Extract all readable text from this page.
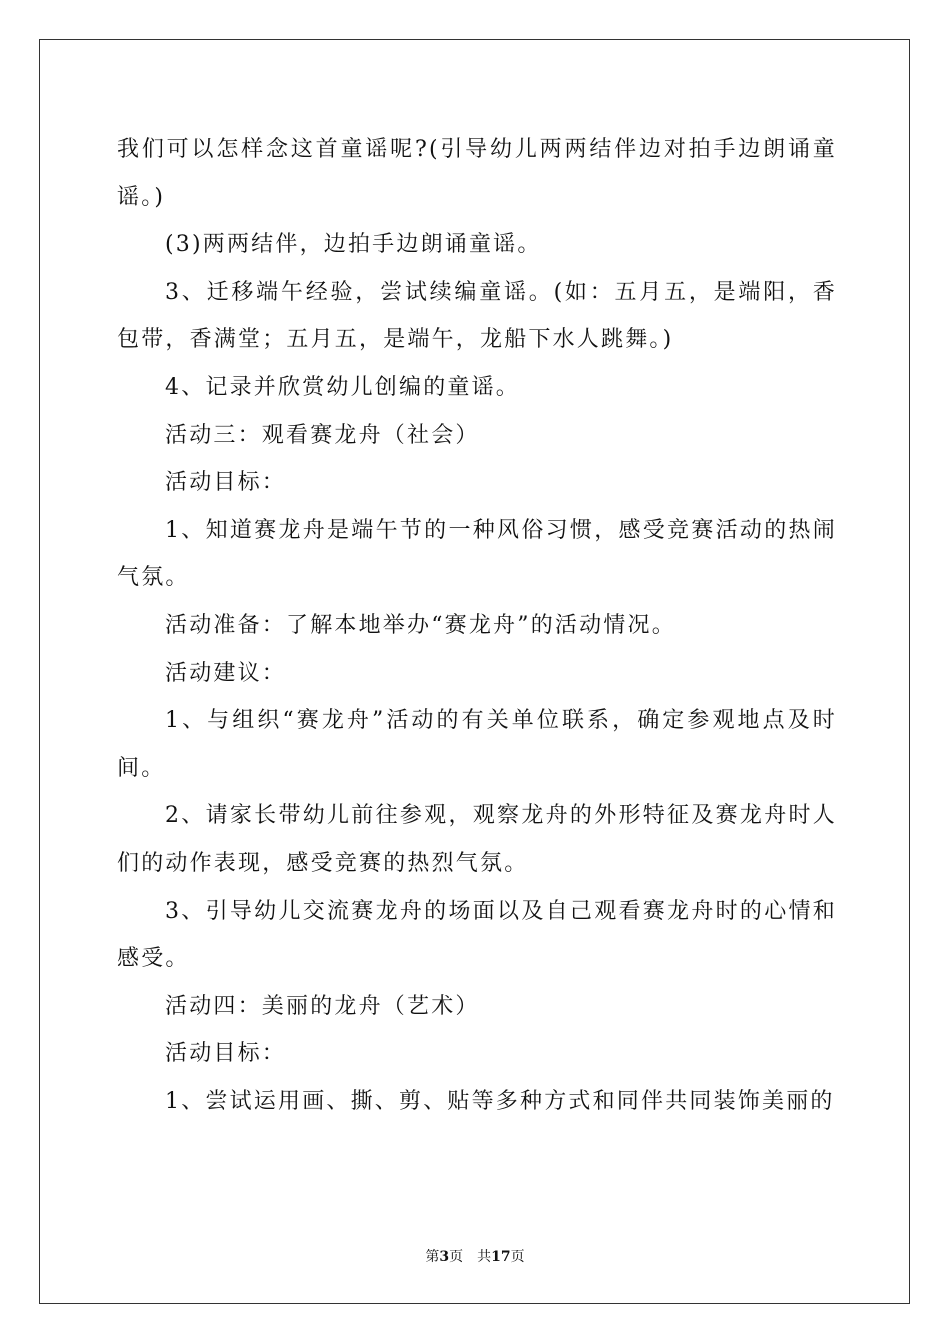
我们可以怎样念这首童谣呢?(引导幼儿两两结伴边对拍手边朗诵童谣。)

(3)两两结伴，边拍手边朗诵童谣。

3、迁移端午经验，尝试续编童谣。(如：五月五，是端阳，香包带，香满堂；五月五，是端午，龙船下水人跳舞。)

4、记录并欣赏幼儿创编的童谣。

活动三：观看赛龙舟（社会）

活动目标：

1、知道赛龙舟是端午节的一种风俗习惯，感受竞赛活动的热闹气氛。

活动准备：了解本地举办“赛龙舟”的活动情况。

活动建议：

1、与组织“赛龙舟”活动的有关单位联系，确定参观地点及时间。

2、请家长带幼儿前往参观，观察龙舟的外形特征及赛龙舟时人们的动作表现，感受竞赛的热烈气氛。

3、引导幼儿交流赛龙舟的场面以及自己观看赛龙舟时的心情和感受。

活动四：美丽的龙舟（艺术）

活动目标：

1、尝试运用画、撕、剪、贴等多种方式和同伴共同装饰美丽的

第3页 共17页
